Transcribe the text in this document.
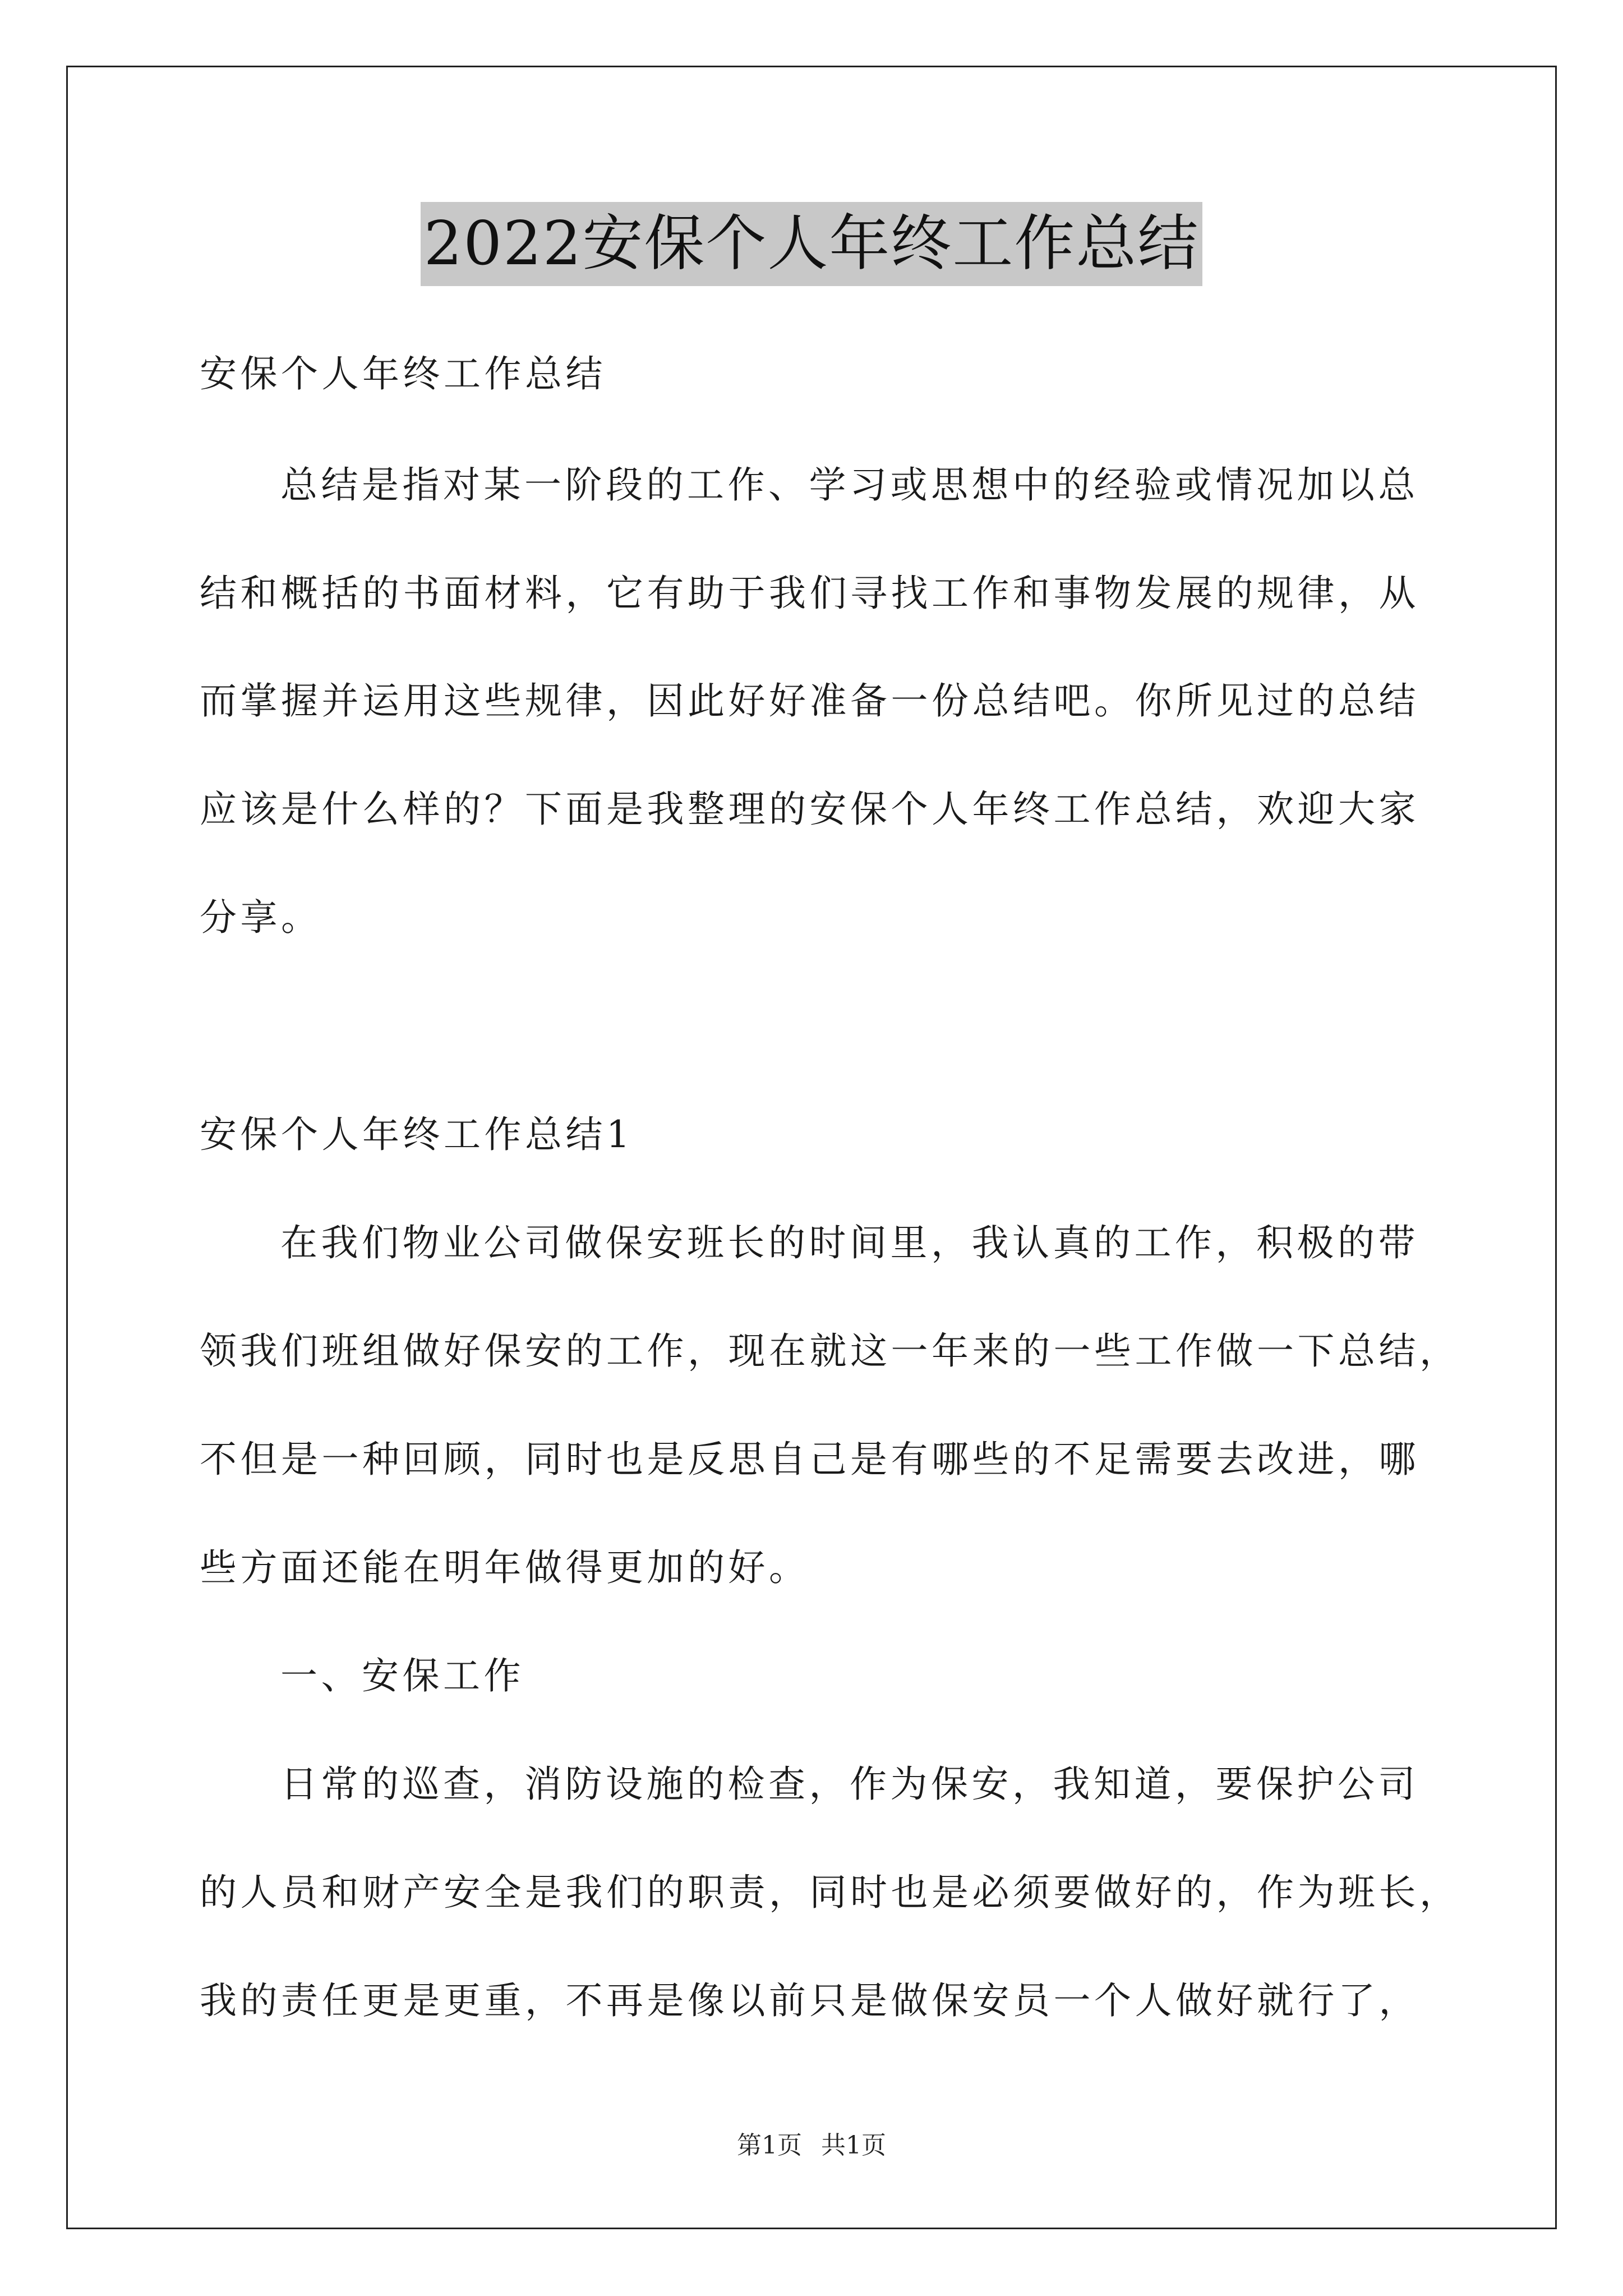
2022安保个人年终工作总结
安保个人年终工作总结
总结是指对某一阶段的工作、学习或思想中的经验或情况加以总
结和概括的书面材料，它有助于我们寻找工作和事物发展的规律，从
而掌握并运用这些规律，因此好好准备一份总结吧。你所见过的总结
应该是什么样的？下面是我整理的安保个人年终工作总结，欢迎大家
分享。
安保个人年终工作总结1
在我们物业公司做保安班长的时间里，我认真的工作，积极的带
领我们班组做好保安的工作，现在就这一年来的一些工作做一下总结，
不但是一种回顾，同时也是反思自己是有哪些的不足需要去改进，哪
些方面还能在明年做得更加的好。
一、安保工作
日常的巡查，消防设施的检查，作为保安，我知道，要保护公司
的人员和财产安全是我们的职责，同时也是必须要做好的，作为班长，
我的责任更是更重，不再是像以前只是做保安员一个人做好就行了，
第1页 共1页
